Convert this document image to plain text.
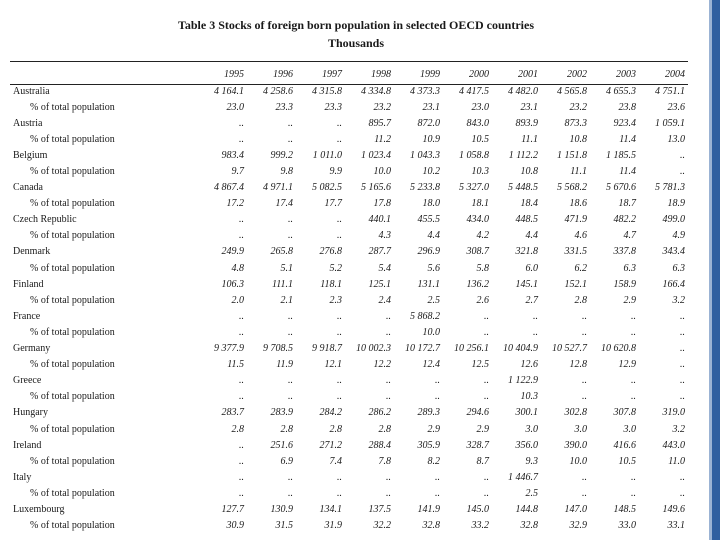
Table 3 Stocks of foreign born population in selected OECD countries
Thousands
	1995	1996	1997	1998	1999	2000	2001	2002	2003	2004
Australia	4 164.1	4 258.6	4 315.8	4 334.8	4 373.3	4 417.5	4 482.0	4 565.8	4 655.3	4 751.1
% of total population	23.0	23.3	23.3	23.2	23.1	23.0	23.1	23.2	23.8	23.6
Austria	..	..	..	895.7	872.0	843.0	893.9	873.3	923.4	1 059.1
% of total population	..	..	..	11.2	10.9	10.5	11.1	10.8	11.4	13.0
Belgium	983.4	999.2	1 011.0	1 023.4	1 043.3	1 058.8	1 112.2	1 151.8	1 185.5	..
% of total population	9.7	9.8	9.9	10.0	10.2	10.3	10.8	11.1	11.4	..
Canada	4 867.4	4 971.1	5 082.5	5 165.6	5 233.8	5 327.0	5 448.5	5 568.2	5 670.6	5 781.3
% of total population	17.2	17.4	17.7	17.8	18.0	18.1	18.4	18.6	18.7	18.9
Czech Republic	..	..	..	440.1	455.5	434.0	448.5	471.9	482.2	499.0
% of total population	..	..	..	4.3	4.4	4.2	4.4	4.6	4.7	4.9
Denmark	249.9	265.8	276.8	287.7	296.9	308.7	321.8	331.5	337.8	343.4
% of total population	4.8	5.1	5.2	5.4	5.6	5.8	6.0	6.2	6.3	6.3
Finland	106.3	111.1	118.1	125.1	131.1	136.2	145.1	152.1	158.9	166.4
% of total population	2.0	2.1	2.3	2.4	2.5	2.6	2.7	2.8	2.9	3.2
France	..	..	..	..	5 868.2	..	..	..	..	..
% of total population	..	..	..	..	10.0	..	..	..	..	..
Germany	9 377.9	9 708.5	9 918.7	10 002.3	10 172.7	10 256.1	10 404.9	10 527.7	10 620.8	..
% of total population	11.5	11.9	12.1	12.2	12.4	12.5	12.6	12.8	12.9	..
Greece	..	..	..	..	..	..	1 122.9	..	..	..
% of total population	..	..	..	..	..	..	10.3	..	..	..
Hungary	283.7	283.9	284.2	286.2	289.3	294.6	300.1	302.8	307.8	319.0
% of total population	2.8	2.8	2.8	2.8	2.9	2.9	3.0	3.0	3.0	3.2
Ireland	..	251.6	271.2	288.4	305.9	328.7	356.0	390.0	416.6	443.0
% of total population	..	6.9	7.4	7.8	8.2	8.7	9.3	10.0	10.5	11.0
Italy	..	..	..	..	..	..	1 446.7	..	..	..
% of total population	..	..	..	..	..	..	2.5	..	..	..
Luxembourg	127.7	130.9	134.1	137.5	141.9	145.0	144.8	147.0	148.5	149.6
% of total population	30.9	31.5	31.9	32.2	32.8	33.2	32.8	32.9	33.0	33.1
